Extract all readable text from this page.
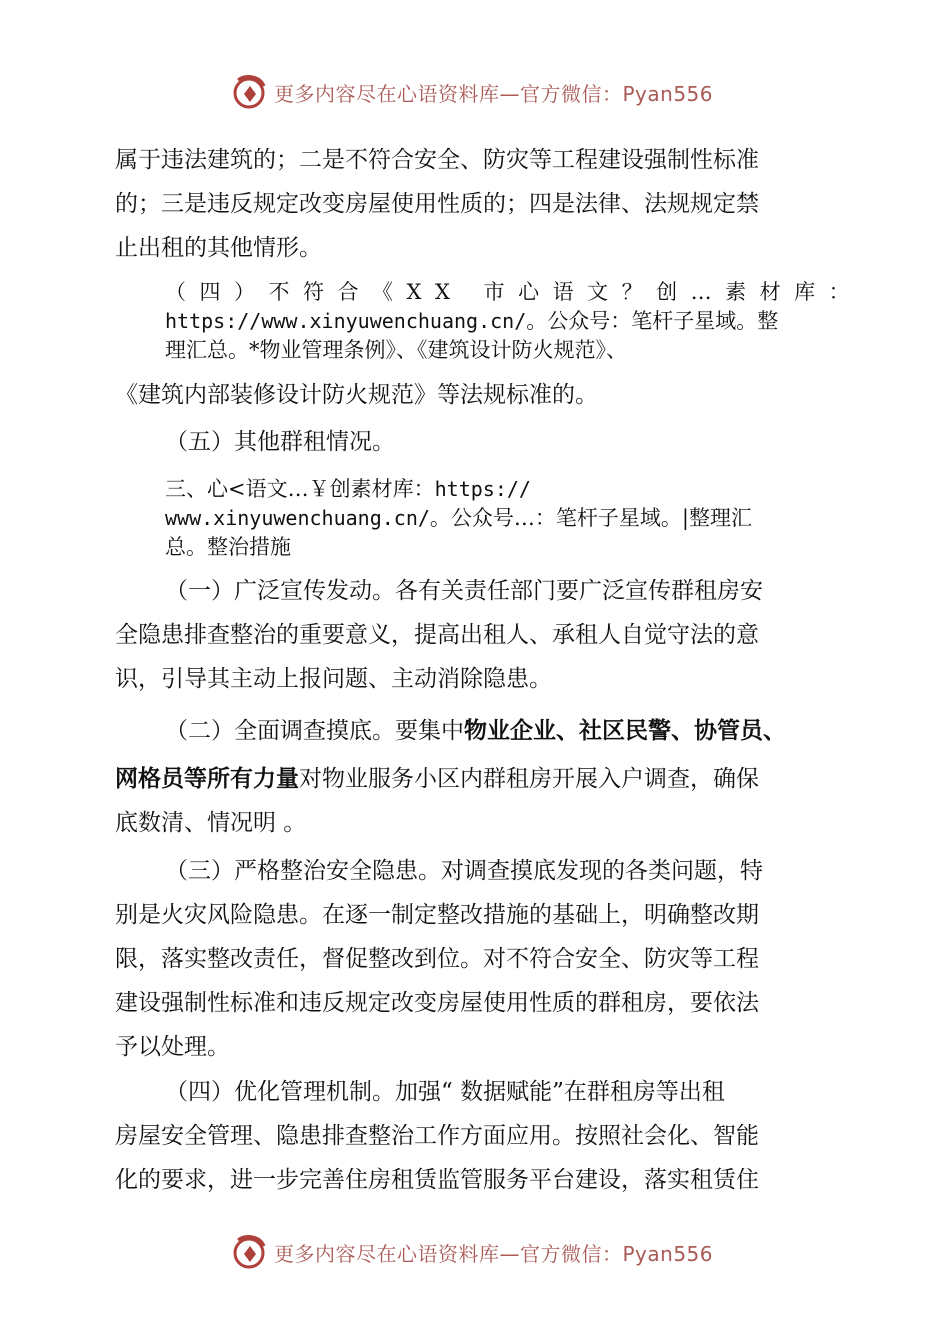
更多内容尽在心语资料库—官方微信：Pyan556
属于违法建筑的；二是不符合安全、防灾等工程建设强制性标准
的；三是违反规定改变房屋使用性质的；四是法律、法规规定禁
止出租的其他情形。
（四）不符合《XX 市心语文？创…素材库：
https://www.xinyuwenchuang.cn/。公众号：笔杆子星域。整
理汇总。*物业管理条例》、《建筑设计防火规范》、
《建筑内部装修设计防火规范》等法规标准的。
（五）其他群租情况。
三、心<语文…￥创素材库：https://
www.xinyuwenchuang.cn/。公众号…：笔杆子星域。|整理汇
总。整治措施
（一）广泛宣传发动。各有关责任部门要广泛宣传群租房安
全隐患排查整治的重要意义，提高出租人、承租人自觉守法的意
识，引导其主动上报问题、主动消除隐患。
（二）全面调查摸底。要集中物业企业、社区民警、协管员、
网格员等所有力量对物业服务小区内群租房开展入户调查，确保
底数清、情况明 。
（三）严格整治安全隐患。对调查摸底发现的各类问题，特
别是火灾风险隐患。在逐一制定整改措施的基础上，明确整改期
限，落实整改责任，督促整改到位。对不符合安全、防灾等工程
建设强制性标准和违反规定改变房屋使用性质的群租房，要依法
予以处理。
（四）优化管理机制。加强“ 数据赋能”在群租房等出租
房屋安全管理、隐患排查整治工作方面应用。按照社会化、智能
化的要求，进一步完善住房租赁监管服务平台建设，落实租赁住
更多内容尽在心语资料库—官方微信：Pyan556
